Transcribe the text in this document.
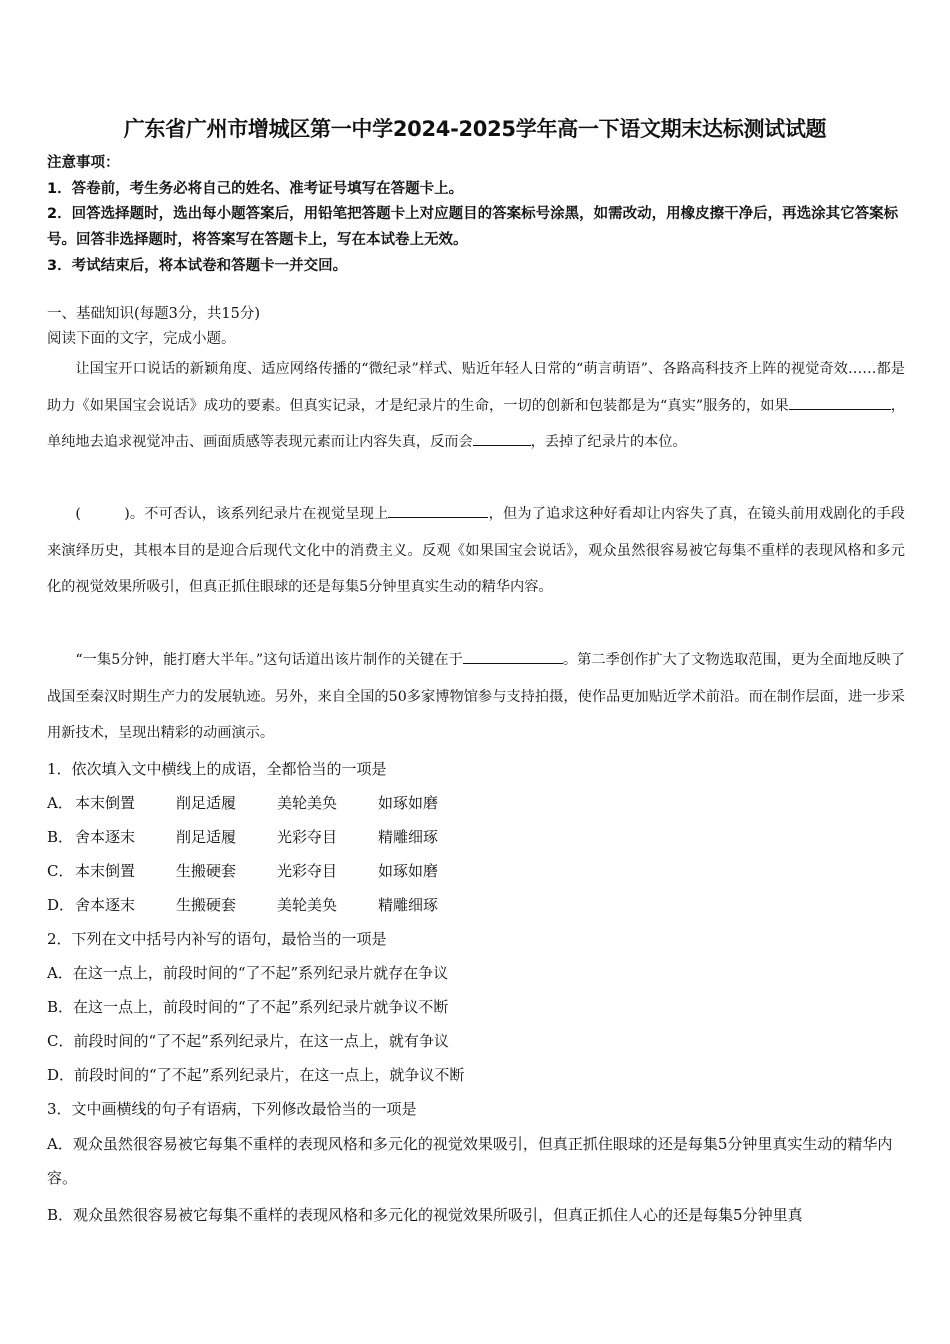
广东省广州市增城区第一中学2024-2025学年高一下语文期末达标测试试题
注意事项：
1．答卷前，考生务必将自己的姓名、准考证号填写在答题卡上。
2．回答选择题时，选出每小题答案后，用铅笔把答题卡上对应题目的答案标号涂黑，如需改动，用橡皮擦干净后，再选涂其它答案标号。回答非选择题时，将答案写在答题卡上，写在本试卷上无效。
3．考试结束后，将本试卷和答题卡一并交回。
一、基础知识(每题3分，共15分)
阅读下面的文字，完成小题。
让国宝开口说话的新颖角度、适应网络传播的“微纪录”样式、贴近年轻人日常的“萌言萌语”、各路高科技齐上阵的视觉奇效……都是助力《如果国宝会说话》成功的要素。但真实记录，才是纪录片的生命，一切的创新和包装都是为“真实”服务的，如果	，单纯地去追求视觉冲击、画面质感等表现元素而让内容失真，反而会	，丢掉了纪录片的本位。
(　　　)。不可否认，该系列纪录片在视觉呈现上	，但为了追求这种好看却让内容失了真，在镜头前用戏剧化的手段来演绎历史，其根本目的是迎合后现代文化中的消费主义。反观《如果国宝会说话》，观众虽然很容易被它每集不重样的表现风格和多元化的视觉效果所吸引，但真正抓住眼球的还是每集5分钟里真实生动的精华内容。
“一集5分钟，能打磨大半年。”这句话道出该片制作的关键在于	。第二季创作扩大了文物选取范围，更为全面地反映了战国至秦汉时期生产力的发展轨迹。另外，来自全国的50多家博物馆参与支持拍摄，使作品更加贴近学术前沿。而在制作层面，进一步采用新技术，呈现出精彩的动画演示。
1．依次填入文中横线上的成语，全都恰当的一项是
A． 本末倒置	削足适履	美轮美奂	如琢如磨
B． 舍本逐末	削足适履	光彩夺目	精雕细琢
C． 本末倒置	生搬硬套	光彩夺目	如琢如磨
D．舍本逐末	生搬硬套	美轮美奂	精雕细琢
2．下列在文中括号内补写的语句，最恰当的一项是
A．在这一点上，前段时间的“了不起”系列纪录片就存在争议
B．在这一点上，前段时间的“了不起”系列纪录片就争议不断
C．前段时间的“了不起”系列纪录片，在这一点上，就有争议
D．前段时间的“了不起”系列纪录片，在这一点上，就争议不断
3．文中画横线的句子有语病，下列修改最恰当的一项是
A．观众虽然很容易被它每集不重样的表现风格和多元化的视觉效果吸引，但真正抓住眼球的还是每集5分钟里真实生动的精华内容。
B．观众虽然很容易被它每集不重样的表现风格和多元化的视觉效果所吸引，但真正抓住人心的还是每集5分钟里真
